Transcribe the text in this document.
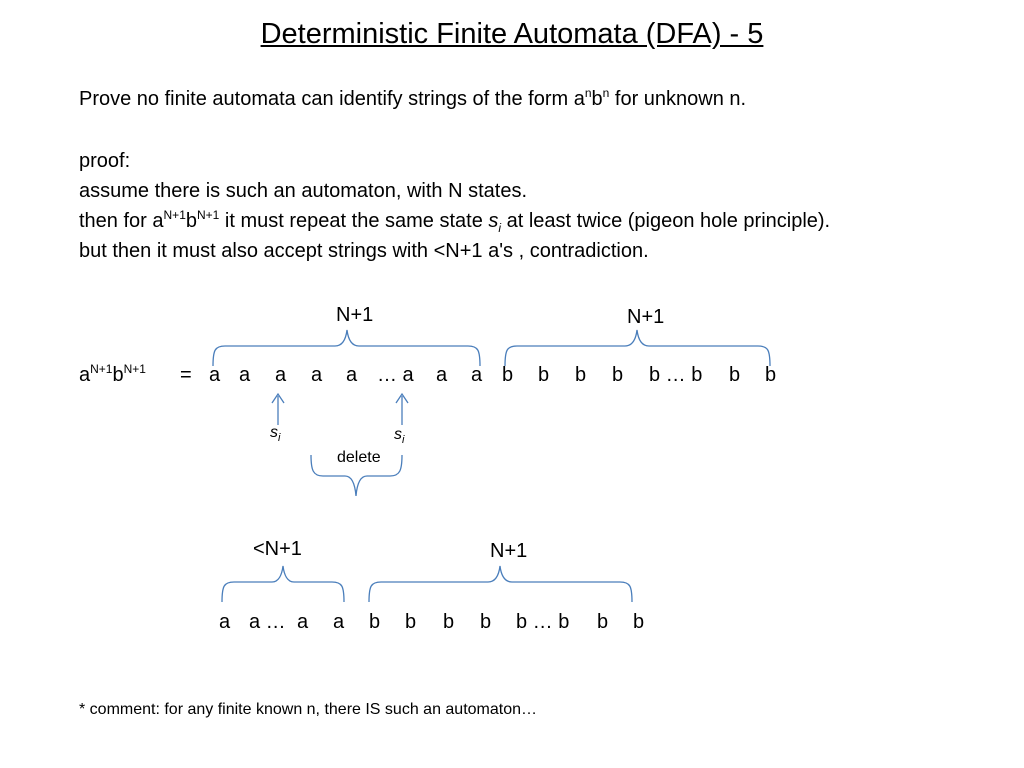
Deterministic Finite Automata (DFA) - 5
Prove no finite automata can identify strings of the form $a^nb^n$ for unknown n.
proof:
assume there is such an automaton, with N states.
then for $a^{N+1}b^{N+1}$ it must repeat the same state $s_i$ at least twice (pigeon hole principle).
but then it must also accept strings with <N+1 a's , contradiction.
N+1	N+1
$a^{N+1}b^{N+1} = a$ a a a a … a a a b b b b b … b b b
$s_i$	$s_i$
delete
<N+1	N+1
a a … a a b b b b b … b b b
* comment: for any finite known n, there IS such an automaton…
